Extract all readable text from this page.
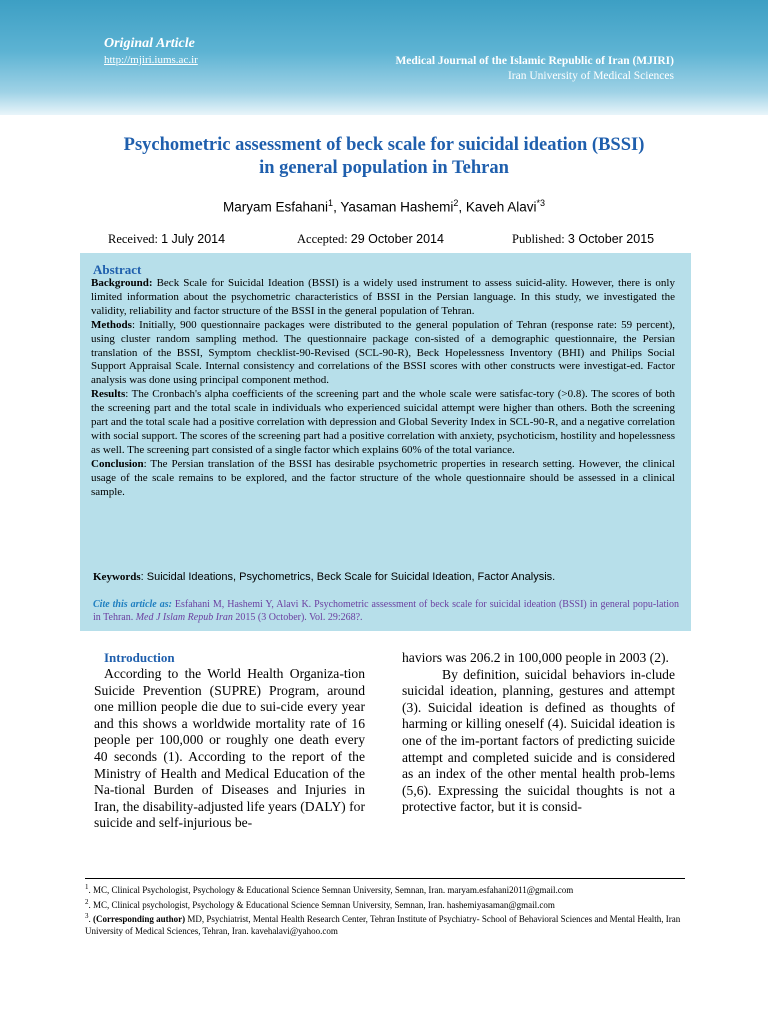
Original Article
http://mjiri.iums.ac.ir	Medical Journal of the Islamic Republic of Iran (MJIRI)
Iran University of Medical Sciences
Psychometric assessment of beck scale for suicidal ideation (BSSI)
in general population in Tehran
Maryam Esfahani$^1$, Yasaman Hashemi$^2$, Kaveh Alavi$^{*3}$
Received: 1 July 2014	Accepted: 29 October 2014	Published: 3 October 2015
Abstract

Background: Beck Scale for Suicidal Ideation (BSSI) is a widely used instrument to assess suicid-ality. However, there is only limited information about the psychometric characteristics of BSSI in the Persian language. In this study, we investigated the validity, reliability and factor structure of the BSSI in the general population of Tehran.

Methods: Initially, 900 questionnaire packages were distributed to the general population of Tehran (response rate: 59 percent), using cluster random sampling method. The questionnaire package con-sisted of a demographic questionnaire, the Persian translation of the BSSI, Symptom checklist-90-Revised (SCL-90-R), Beck Hopelessness Inventory (BHI) and Philips Social Support Appraisal Scale. Internal consistency and correlations of the BSSI scores with other constructs were investigat-ed. Factor analysis was done using principal component method.

Results: The Cronbach's alpha coefficients of the screening part and the whole scale were satisfac-tory (>0.8). The scores of both the screening part and the total scale in individuals who experienced suicidal attempt were higher than others. Both the screening part and the total scale had a positive correlation with depression and Global Severity Index in SCL-90-R, and a negative correlation with social support. The scores of the screening part had a positive correlation with anxiety, psychoticism, hostility and hopelessness as well. The screening part consisted of a single factor which explains 60% of the total variance.

Conclusion: The Persian translation of the BSSI has desirable psychometric properties in research setting. However, the clinical usage of the scale remains to be explored, and the factor structure of the whole questionnaire should be assessed in a clinical sample.

Keywords: Suicidal Ideations, Psychometrics, Beck Scale for Suicidal Ideation, Factor Analysis.
Cite this article as: Esfahani M, Hashemi Y, Alavi K. Psychometric assessment of beck scale for suicidal ideation (BSSI) in general popu-lation in Tehran. Med J Islam Repub Iran 2015 (3 October). Vol. 29:268?.
Introduction

According to the World Health Organiza-tion Suicide Prevention (SUPRE) Program, around one million people die due to sui-cide every year and this shows a worldwide mortality rate of 16 people per 100,000 or roughly one death every 40 seconds (1). According to the report of the Ministry of Health and Medical Education of the Na-tional Burden of Diseases and Injuries in Iran, the disability-adjusted life years (DALY) for suicide and self-injurious be-

haviors was 206.2 in 100,000 people in 2003 (2).

By definition, suicidal behaviors in-clude suicidal ideation, planning, gestures and attempt (3). Suicidal ideation is defined as thoughts of harming or killing oneself (4). Suicidal ideation is one of the im-portant factors of predicting suicide attempt and completed suicide and is considered as an index of the other mental health prob-lems (5,6). Expressing the suicidal thoughts is not a protective factor, but it is consid-

$^1$. MC, Clinical Psychologist, Psychology & Educational Science Semnan University, Semnan, Iran. maryam.esfahani2011@gmail.com

$^2$. MC, Clinical psychologist, Psychology & Educational Science Semnan University, Semnan, Iran. hashemiyasaman@gmail.com

$^3$. (Corresponding author) MD, Psychiatrist, Mental Health Research Center, Tehran Institute of Psychiatry- School of Behavioral Sciences and Mental Health, Iran University of Medical Sciences, Tehran, Iran. kavehalavi@yahoo.com
